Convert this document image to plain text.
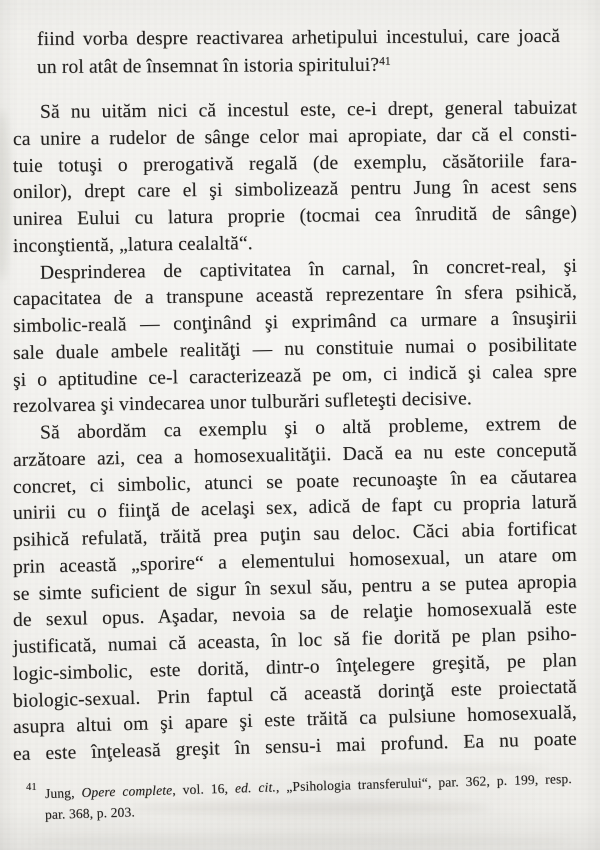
fiind vorba despre reactivarea arhetipului incestului, care joacă
un rol atât de însemnat în istoria spiritului?$^{41}$
Să nu uităm nici că incestul este, ce-i drept, general tabuizat
ca unire a rudelor de sânge celor mai apropiate, dar că el consti-
tuie totuşi o prerogativă regală (de exemplu, căsătoriile fara-
onilor), drept care el şi simbolizează pentru Jung în acest sens
unirea Eului cu latura proprie (tocmai cea înrudită de sânge)
inconştientă, „latura cealaltă“.
Desprinderea de captivitatea în carnal, în concret-real, şi
capacitatea de a transpune această reprezentare în sfera psihică,
simbolic-reală — conţinând şi exprimând ca urmare a însuşirii
sale duale ambele realităţi — nu constituie numai o posibilitate
şi o aptitudine ce-l caracterizează pe om, ci indică şi calea spre
rezolvarea şi vindecarea unor tulburări sufleteşti decisive.
Să abordăm ca exemplu şi o altă probleme, extrem de
arzătoare azi, cea a homosexualităţii. Dacă ea nu este concepută
concret, ci simbolic, atunci se poate recunoaşte în ea căutarea
unirii cu o fiinţă de acelaşi sex, adică de fapt cu propria latură
psihică refulată, trăită prea puţin sau deloc. Căci abia fortificat
prin această „sporire“ a elementului homosexual, un atare om
se simte suficient de sigur în sexul său, pentru a se putea apropia
de sexul opus. Aşadar, nevoia sa de relaţie homosexuală este
justificată, numai că aceasta, în loc să fie dorită pe plan psiho-
logic-simbolic, este dorită, dintr-o înţelegere greşită, pe plan
biologic-sexual. Prin faptul că această dorinţă este proiectată
asupra altui om şi apare şi este trăită ca pulsiune homosexuală,
ea este înţeleasă greşit în sensu-i mai profund. Ea nu poate
41 Jung, Opere complete, vol. 16, ed. cit., „Psihologia transferului“, par. 362, p. 199, resp.
par. 368, p. 203.
